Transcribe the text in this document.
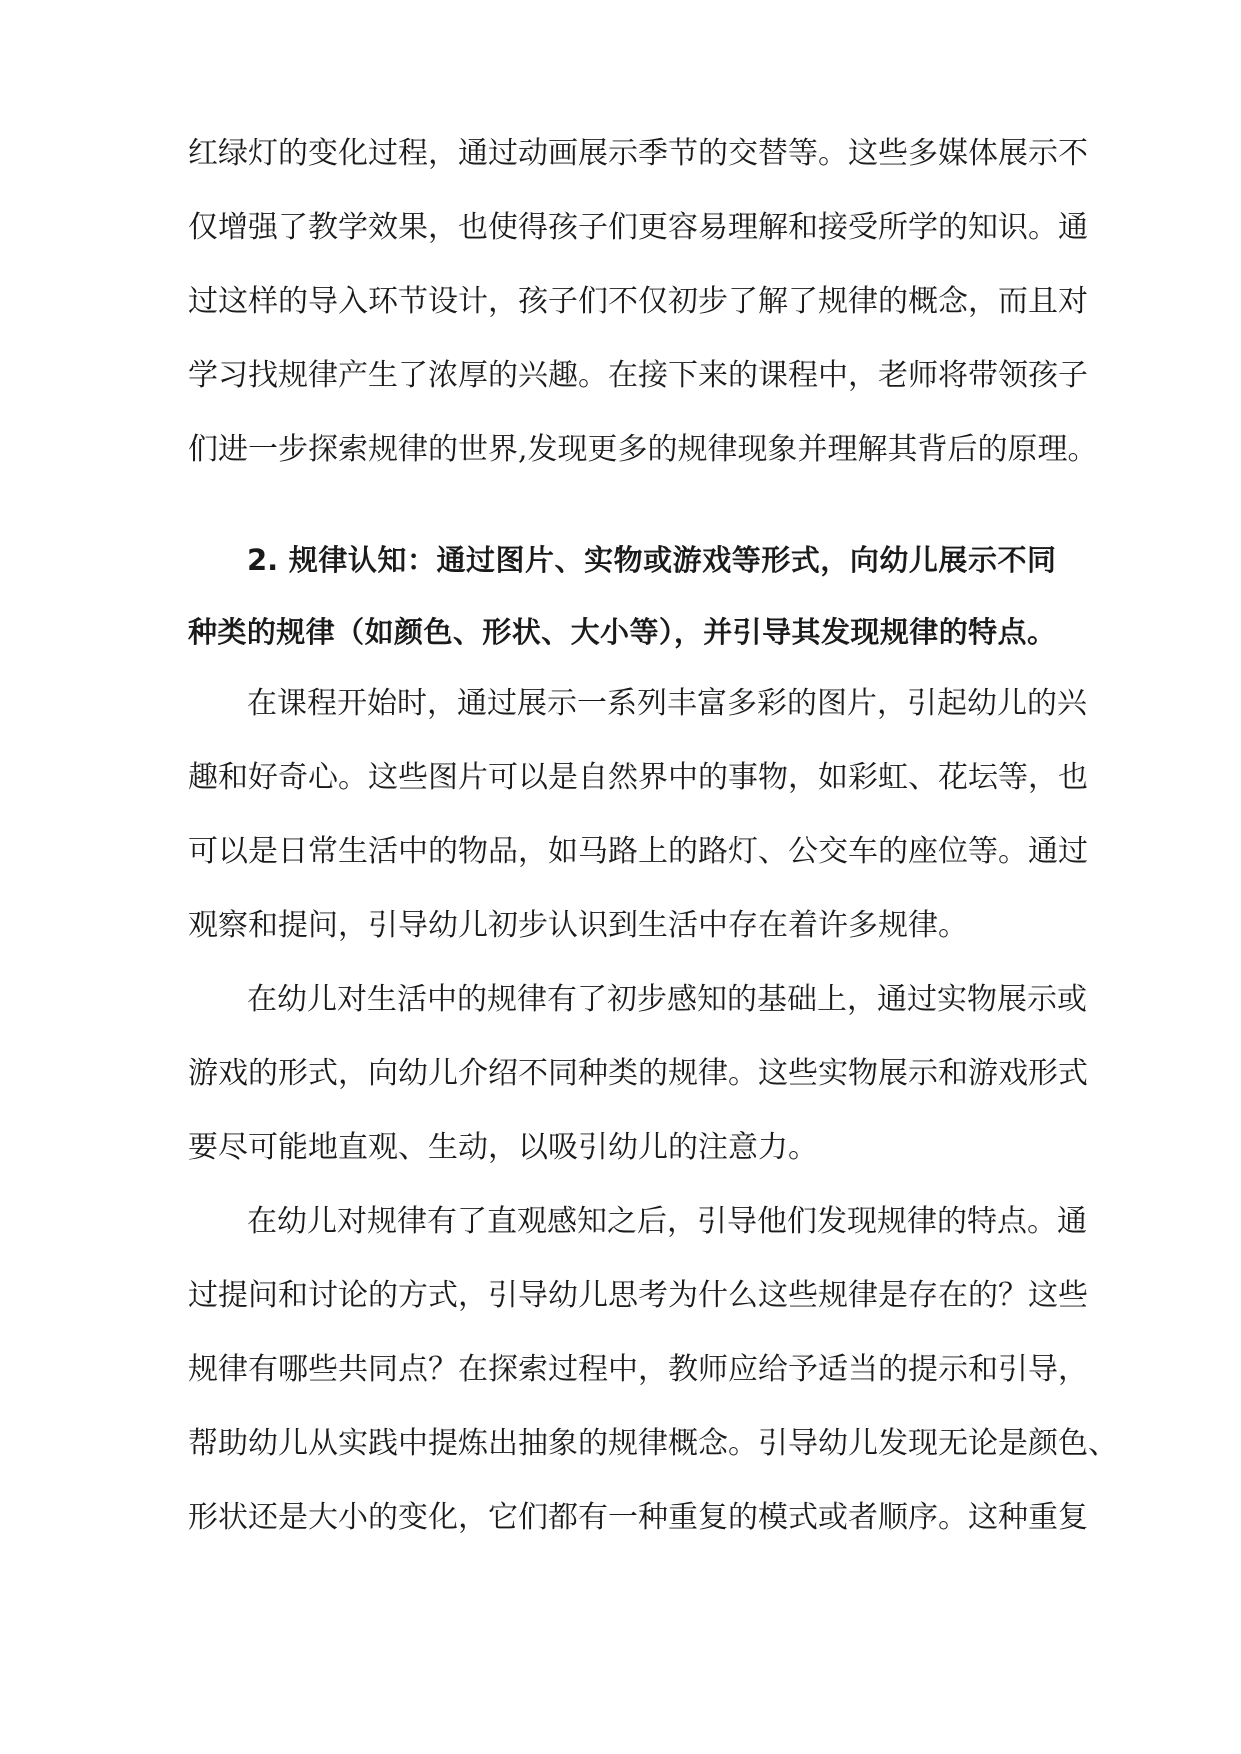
红绿灯的变化过程，通过动画展示季节的交替等。这些多媒体展示不
仅增强了教学效果，也使得孩子们更容易理解和接受所学的知识。通
过这样的导入环节设计，孩子们不仅初步了解了规律的概念，而且对
学习找规律产生了浓厚的兴趣。在接下来的课程中，老师将带领孩子
们进一步探索规律的世界,发现更多的规律现象并理解其背后的原理。
2. 规律认知：通过图片、实物或游戏等形式，向幼儿展示不同
种类的规律（如颜色、形状、大小等），并引导其发现规律的特点。
在课程开始时，通过展示一系列丰富多彩的图片，引起幼儿的兴
趣和好奇心。这些图片可以是自然界中的事物，如彩虹、花坛等，也
可以是日常生活中的物品，如马路上的路灯、公交车的座位等。通过
观察和提问，引导幼儿初步认识到生活中存在着许多规律。
在幼儿对生活中的规律有了初步感知的基础上，通过实物展示或
游戏的形式，向幼儿介绍不同种类的规律。这些实物展示和游戏形式
要尽可能地直观、生动，以吸引幼儿的注意力。
在幼儿对规律有了直观感知之后，引导他们发现规律的特点。通
过提问和讨论的方式，引导幼儿思考为什么这些规律是存在的？这些
规律有哪些共同点？在探索过程中，教师应给予适当的提示和引导，
帮助幼儿从实践中提炼出抽象的规律概念。引导幼儿发现无论是颜色、
形状还是大小的变化，它们都有一种重复的模式或者顺序。这种重复
